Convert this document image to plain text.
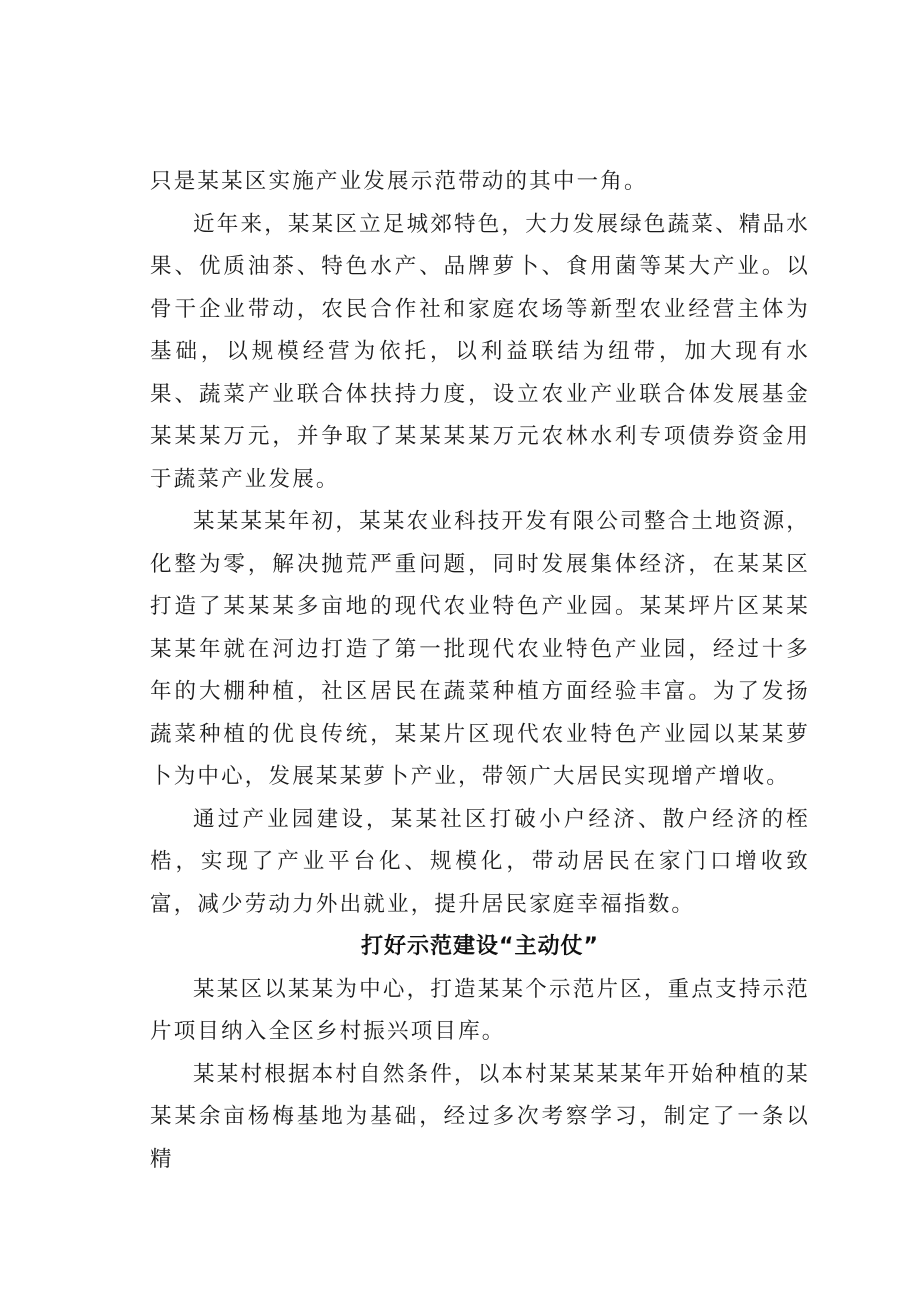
只是某某区实施产业发展示范带动的其中一角。

近年来，某某区立足城郊特色，大力发展绿色蔬菜、精品水果、优质油茶、特色水产、品牌萝卜、食用菌等某大产业。以骨干企业带动，农民合作社和家庭农场等新型农业经营主体为基础，以规模经营为依托，以利益联结为纽带，加大现有水果、蔬菜产业联合体扶持力度，设立农业产业联合体发展基金某某某万元，并争取了某某某某万元农林水利专项债券资金用于蔬菜产业发展。

某某某某年初，某某农业科技开发有限公司整合土地资源，化整为零，解决抛荒严重问题，同时发展集体经济，在某某区打造了某某某多亩地的现代农业特色产业园。某某坪片区某某某某年就在河边打造了第一批现代农业特色产业园，经过十多年的大棚种植，社区居民在蔬菜种植方面经验丰富。为了发扬蔬菜种植的优良传统，某某片区现代农业特色产业园以某某萝卜为中心，发展某某萝卜产业，带领广大居民实现增产增收。

通过产业园建设，某某社区打破小户经济、散户经济的桎梏，实现了产业平台化、规模化，带动居民在家门口增收致富，减少劳动力外出就业，提升居民家庭幸福指数。

打好示范建设“主动仗”

某某区以某某为中心，打造某某个示范片区，重点支持示范片项目纳入全区乡村振兴项目库。

某某村根据本村自然条件，以本村某某某某年开始种植的某某某余亩杨梅基地为基础，经过多次考察学习，制定了一条以精
